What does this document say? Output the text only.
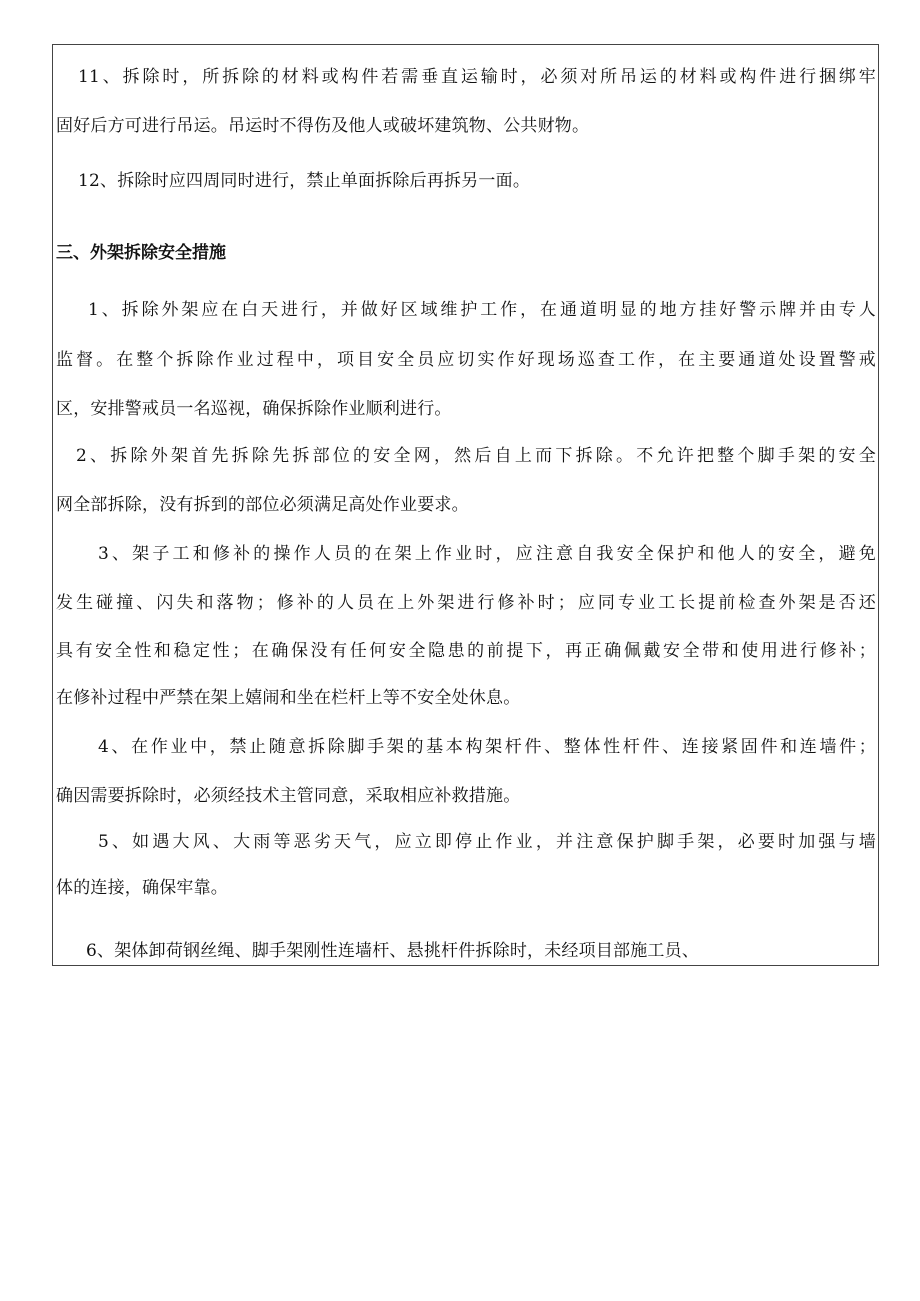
11、拆除时，所拆除的材料或构件若需垂直运输时，必须对所吊运的材料或构件进行捆绑牢
固好后方可进行吊运。吊运时不得伤及他人或破坏建筑物、公共财物。
12、拆除时应四周同时进行，禁止单面拆除后再拆另一面。
三、外架拆除安全措施
1、拆除外架应在白天进行，并做好区域维护工作，在通道明显的地方挂好警示牌并由专人
监督。在整个拆除作业过程中，项目安全员应切实作好现场巡查工作，在主要通道处设置警戒
区，安排警戒员一名巡视，确保拆除作业顺利进行。
2、拆除外架首先拆除先拆部位的安全网，然后自上而下拆除。不允许把整个脚手架的安全
网全部拆除，没有拆到的部位必须满足高处作业要求。
3、架子工和修补的操作人员的在架上作业时，应注意自我安全保护和他人的安全，避免
发生碰撞、闪失和落物；修补的人员在上外架进行修补时；应同专业工长提前检查外架是否还
具有安全性和稳定性；在确保没有任何安全隐患的前提下，再正确佩戴安全带和使用进行修补；
在修补过程中严禁在架上嬉闹和坐在栏杆上等不安全处休息。
4、在作业中，禁止随意拆除脚手架的基本构架杆件、整体性杆件、连接紧固件和连墙件；
确因需要拆除时，必须经技术主管同意，采取相应补救措施。
5、如遇大风、大雨等恶劣天气，应立即停止作业，并注意保护脚手架，必要时加强与墙
体的连接，确保牢靠。
6、架体卸荷钢丝绳、脚手架刚性连墙杆、悬挑杆件拆除时，未经项目部施工员、
